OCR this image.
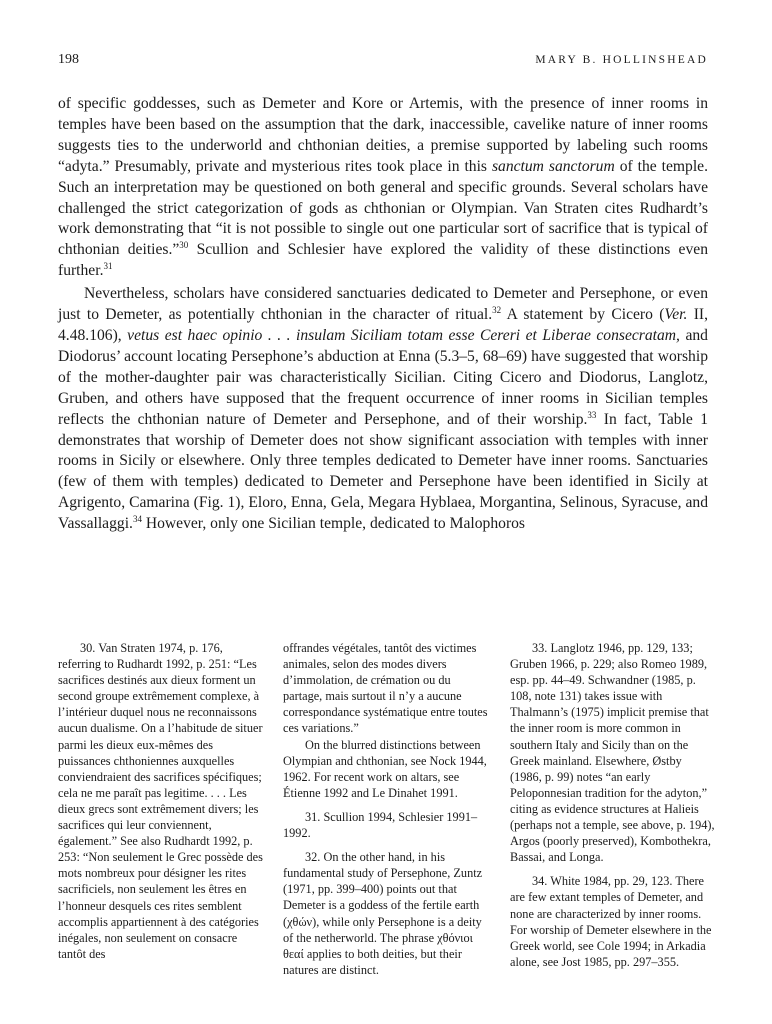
198	MARY B. HOLLINSHEAD

of specific goddesses, such as Demeter and Kore or Artemis, with the presence of inner rooms in temples have been based on the assumption that the dark, inaccessible, cavelike nature of inner rooms suggests ties to the underworld and chthonian deities, a premise supported by labeling such rooms “adyta.” Presumably, private and mysterious rites took place in this sanctum sanctorum of the temple. Such an interpretation may be questioned on both general and specific grounds. Several scholars have challenged the strict categorization of gods as chthonian or Olympian. Van Straten cites Rudhardt’s work demonstrating that “it is not possible to single out one particular sort of sacrifice that is typical of chthonian deities.”$^{30}$ Scullion and Schlesier have explored the validity of these distinctions even further.$^{31}$

Nevertheless, scholars have considered sanctuaries dedicated to Demeter and Persephone, or even just to Demeter, as potentially chthonian in the character of ritual.$^{32}$ A statement by Cicero (Ver. II, 4.48.106), vetus est haec opinio . . . insulam Siciliam totam esse Cereri et Liberae consecratam, and Diodorus’ account locating Persephone’s abduction at Enna (5.3–5, 68–69) have suggested that worship of the mother-daughter pair was characteristically Sicilian. Citing Cicero and Diodorus, Langlotz, Gruben, and others have supposed that the frequent occurrence of inner rooms in Sicilian temples reflects the chthonian nature of Demeter and Persephone, and of their worship.$^{33}$ In fact, Table 1 demonstrates that worship of Demeter does not show significant association with temples with inner rooms in Sicily or elsewhere. Only three temples dedicated to Demeter have inner rooms. Sanctuaries (few of them with temples) dedicated to Demeter and Persephone have been identified in Sicily at Agrigento, Camarina (Fig. 1), Eloro, Enna, Gela, Megara Hyblaea, Morgantina, Selinous, Syracuse, and Vassallaggi.$^{34}$ However, only one Sicilian temple, dedicated to Malophoros

30. Van Straten 1974, p. 176, referring to Rudhardt 1992, p. 251: “Les sacrifices destinés aux dieux forment un second groupe extrêmement complexe, à l’intérieur duquel nous ne reconnaissons aucun dualisme. On a l’habitude de situer parmi les dieux eux-mêmes des puissances chthoniennes auxquelles conviendraient des sacrifices spécifiques; cela ne me paraît pas legitime. . . . Les dieux grecs sont extrêmement divers; les sacrifices qui leur conviennent, également.” See also Rudhardt 1992, p. 253: “Non seulement le Grec possède des mots nombreux pour désigner les rites sacrificiels, non seulement les êtres en l’honneur desquels ces rites semblent accomplis appartiennent à des catégories inégales, non seulement on consacre tantôt des

offrandes végétales, tantôt des victimes animales, selon des modes divers d’immolation, de crémation ou du partage, mais surtout il n’y a aucune correspondance systématique entre toutes ces variations.”

On the blurred distinctions between Olympian and chthonian, see Nock 1944, 1962. For recent work on altars, see Étienne 1992 and Le Dinahet 1991.

31. Scullion 1994, Schlesier 1991–1992.

32. On the other hand, in his fundamental study of Persephone, Zuntz (1971, pp. 399–400) points out that Demeter is a goddess of the fertile earth (χθών), while only Persephone is a deity of the netherworld. The phrase χθόνιοι θεαί applies to both deities, but their natures are distinct.

33. Langlotz 1946, pp. 129, 133; Gruben 1966, p. 229; also Romeo 1989, esp. pp. 44–49. Schwandner (1985, p. 108, note 131) takes issue with Thalmann’s (1975) implicit premise that the inner room is more common in southern Italy and Sicily than on the Greek mainland. Elsewhere, Østby (1986, p. 99) notes “an early Peloponnesian tradition for the adyton,” citing as evidence structures at Halieis (perhaps not a temple, see above, p. 194), Argos (poorly preserved), Kombothekra, Bassai, and Longa.

34. White 1984, pp. 29, 123. There are few extant temples of Demeter, and none are characterized by inner rooms. For worship of Demeter elsewhere in the Greek world, see Cole 1994; in Arkadia alone, see Jost 1985, pp. 297–355.
